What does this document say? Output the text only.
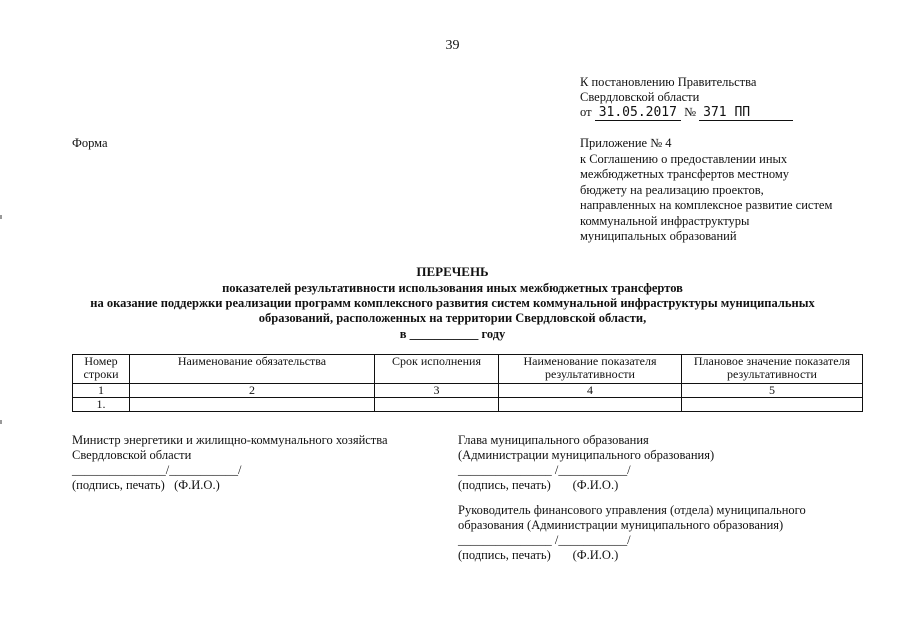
39
К постановлению Правительства
Свердловской области
от 31.05.2017 № 371 ПП
Форма	Приложение № 4
к Соглашению о предоставлении иных
межбюджетных трансфертов местному
бюджету на реализацию проектов,
направленных на комплексное развитие систем
коммунальной инфраструктуры
муниципальных образований
ПЕРЕЧЕНЬ
показателей результативности использования иных межбюджетных трансфертов
на оказание поддержки реализации программ комплексного развития систем коммунальной инфраструктуры муниципальных
образований, расположенных на территории Свердловской области,
в ___________ году
Номер строки	Наименование обязательства	Срок исполнения	Наименование показателя результативности	Плановое значение показателя результативности
1	2	3	4	5
1.				
Министр энергетики и жилищно-коммунального хозяйства
Свердловской области
_______________/___________/
(подпись, печать)   (Ф.И.О.)
Глава муниципального образования
(Администрации муниципального образования)
_______________ /___________/
(подпись, печать)       (Ф.И.О.)
Руководитель финансового управления (отдела) муниципального
образования (Администрации муниципального образования)
_______________ /___________/
(подпись, печать)       (Ф.И.О.)
